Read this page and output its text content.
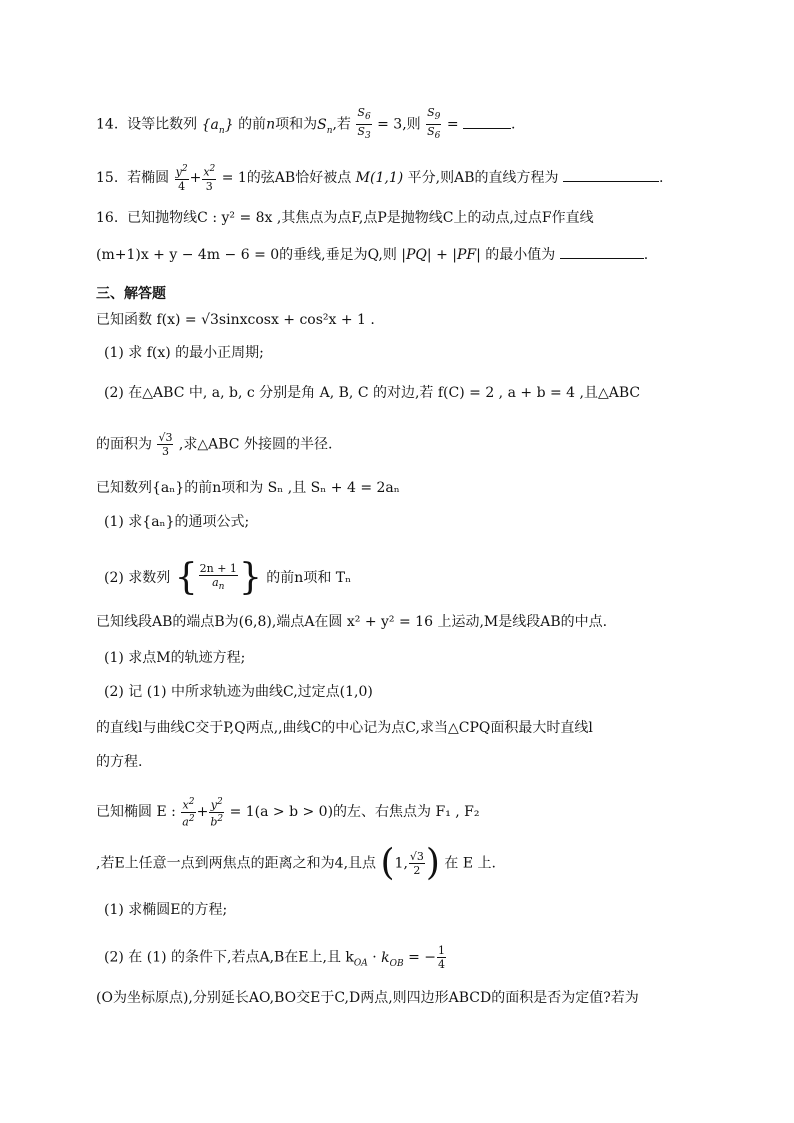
14. 设等比数列 $\{a_n\}$ 的前n项和为$S_n$,若 $\frac{S_6}{S_3} = 3$,则 $\frac{S_9}{S_6}$ =	.
15. 若椭圆 $\frac{y^2}{4} + \frac{x^2}{3} = 1$的弦AB恰好被点 M(1,1) 平分,则AB的直线方程为	.
16. 已知抛物线C : y² = 8x ,其焦点为点F,点P是抛物线C上的动点,过点F作直线
(m+1)x + y − 4m − 6 = 0的垂线,垂足为Q,则 |PQ| + |PF| 的最小值为	.
三、解答题
已知函数 f(x) = √3sinxcosx + cos²x + 1 .
(1) 求 f(x) 的最小正周期;
(2) 在△ABC 中, a, b, c 分别是角 A, B, C 的对边,若 f(C) = 2 , a + b = 4 ,且△ABC
的面积为 $\frac{√3}{3}$ ,求△ABC 外接圆的半径.
已知数列{aₙ}的前n项和为 Sₙ ,且 Sₙ + 4 = 2aₙ
(1) 求{aₙ}的通项公式;
(2) 求数列 { $\frac{2n + 1}{a_n}$ } 的前n项和 Tₙ
已知线段AB的端点B为(6,8),端点A在圆 x² + y² = 16 上运动,M是线段AB的中点.
(1) 求点M的轨迹方程;
(2) 记 (1) 中所求轨迹为曲线C,过定点(1,0)
的直线l与曲线C交于P,Q两点,,曲线C的中心记为点C,求当△CPQ面积最大时直线l
的方程.
已知椭圆 E : $\frac{x^2}{a^2} + \frac{y^2}{b^2} = 1(a > b > 0)$的左、右焦点为 F₁ , F₂
,若E上任意一点到两焦点的距离之和为4,且点 (1, $\frac{√3}{2}$ ) 在 E 上.
(1) 求椭圆E的方程;
(2) 在 (1) 的条件下,若点A,B在E上,且 $k_{OA} \cdot k_{OB}$ = − $\frac{1}{4}$
(O为坐标原点),分别延长AO,BO交E于C,D两点,则四边形ABCD的面积是否为定值?若为
